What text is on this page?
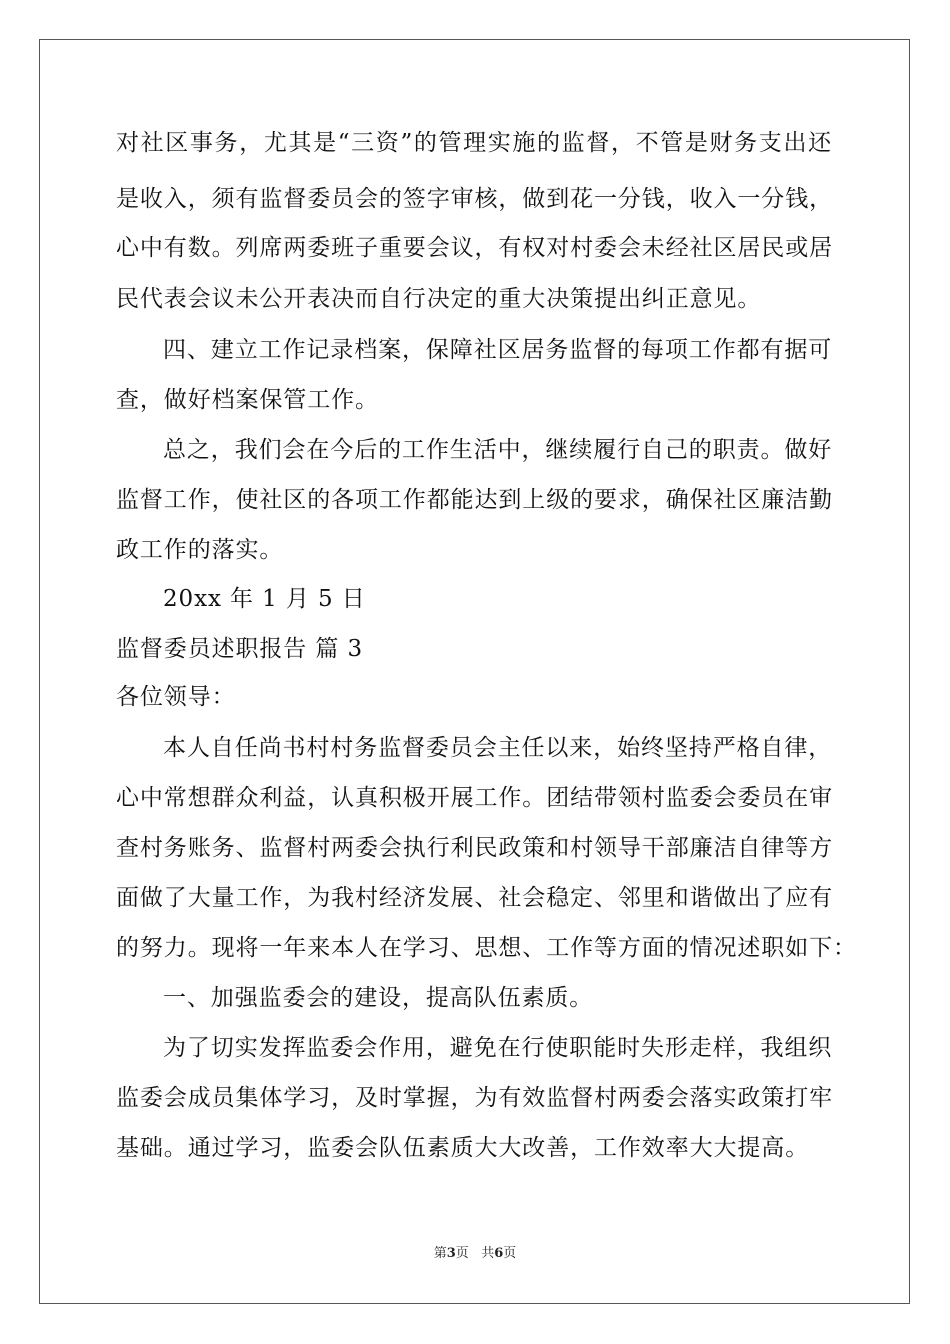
对社区事务，尤其是“三资”的管理实施的监督，不管是财务支出还
是收入，须有监督委员会的签字审核，做到花一分钱，收入一分钱，
心中有数。列席两委班子重要会议，有权对村委会未经社区居民或居
民代表会议未公开表决而自行决定的重大决策提出纠正意见。
四、建立工作记录档案，保障社区居务监督的每项工作都有据可
查，做好档案保管工作。
总之，我们会在今后的工作生活中，继续履行自己的职责。做好
监督工作，使社区的各项工作都能达到上级的要求，确保社区廉洁勤
政工作的落实。
20xx 年 1 月 5 日
监督委员述职报告 篇 3
各位领导：
本人自任尚书村村务监督委员会主任以来，始终坚持严格自律，
心中常想群众利益，认真积极开展工作。团结带领村监委会委员在审
查村务账务、监督村两委会执行利民政策和村领导干部廉洁自律等方
面做了大量工作，为我村经济发展、社会稳定、邻里和谐做出了应有
的努力。现将一年来本人在学习、思想、工作等方面的情况述职如下：
一、加强监委会的建设，提高队伍素质。
为了切实发挥监委会作用，避免在行使职能时失形走样，我组织
监委会成员集体学习，及时掌握，为有效监督村两委会落实政策打牢
基础。通过学习，监委会队伍素质大大改善，工作效率大大提高。
第3页 共6页
